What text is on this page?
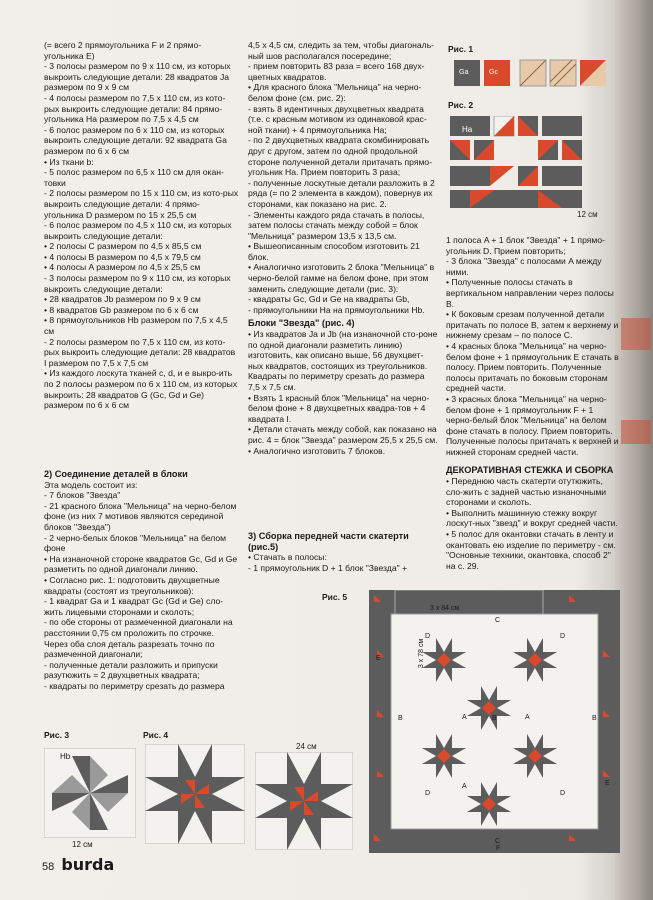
(= всего 2 прямоугольника F и 2 прямо-угольника E)

- 3 полосы размером по 9 х 110 см, из которых выкроить следующие детали: 28 квадратов Ja размером по 9 х 9 см

- 4 полосы размером по 7,5 х 110 см, из кото-рых выкроить следующие детали: 84 прямо-угольника Ha размером по 7,5 х 4,5 см

- 6 полос размером по 6 х 110 см, из которых выкроить следующие детали: 92 квадрата Ga размером по 6 х 6 см

• Из ткани b:

- 5 полос размером по 6,5 х 110 см для окан-товки

- 2 полосы размером по 15 х 110 см, из кото-рых выкроить следующие детали: 4 прямо-угольника D размером по 15 х 25,5 см

- 6 полос размером по 4,5 х 110 см, из которых выкроить следующие детали:

• 2 полосы C размером по 4,5 х 85,5 см

• 4 полосы B размером по 4,5 х 79,5 см

• 4 полосы A размером по 4,5 х 25,5 см

- 3 полосы размером по 9 х 110 см, из которых выкроить следующие детали:

• 28 квадратов Jb размером по 9 х 9 см

• 8 квадратов Gb размером по 6 х 6 см

• 8 прямоугольников Hb размером по 7,5 х 4,5 см

- 2 полосы размером по 7,5 х 110 см, из кото-рых выкроить следующие детали: 28 квадратов I размером по 7,5 х 7,5 см

• Из каждого лоскута тканей c, d, и e выкро-ить по 2 полосы размером по 6 х 110 см, из которых выкроить: 28 квадратов G (Gc, Gd и Ge) размером по 6 х 6 см

2) Соединение деталей в блоки

Эта модель состоит из:

- 7 блоков "Звезда"

- 21 красного блока "Мельница" на черно-белом фоне (из них 7 мотивов являются серединой блоков "Звезда")

- 2 черно-белых блоков "Мельница" на белом фоне

• На изнаночной стороне квадратов Gc, Gd и Ge разметить по одной диагонали линию.

• Согласно рис. 1: подготовить двухцветные квадраты (состоят из треугольников):

- 1 квадрат Ga и 1 квадрат Gc (Gd и Ge) сло-жить лицевыми сторонами и сколоть;

- по обе стороны от размеченной диагонали на расстоянии 0,75 см проложить по строчке. Через оба слоя деталь разрезать точно по размеченной диагонали;

- полученные детали разложить и припуски разутюжить = 2 двухцветных квадрата;

- квадраты по периметру срезать до размера

4,5 х 4,5 см, следить за тем, чтобы диагональ-ный шов располагался посередине;

- прием повторить 83 раза = всего 168 двух-цветных квадратов.

• Для красного блока "Мельница" на черно-белом фоне (см. рис. 2):

- взять 8 идентичных двухцветных квадрата (т.е. с красным мотивом из одинаковой крас-ной ткани) + 4 прямоугольника Ha;

- по 2 двухцветных квадрата скомбинировать друг с другом, затем по одной продольной стороне полученной детали притачать прямо-угольник Ha. Прием повторить 3 раза;

- полученные лоскутные детали разложить в 2 ряда (= по 2 элемента в каждом), повернув их сторонами, как показано на рис. 2.

- Элементы каждого ряда стачать в полосы, затем полосы стачать между собой = блок "Мельница" размером 13,5 х 13,5 см.

• Вышеописанным способом изготовить 21 блок.

• Аналогично изготовить 2 блока "Мельница" в черно-белой гамме на белом фоне, при этом заменить следующие детали (рис. 3):

- квадраты Gc, Gd и Ge на квадраты Gb,

- прямоугольники Ha на прямоугольники Hb.

Блоки "Звезда" (рис. 4)

• Из квадратов Ja и Jb (на изнаночной сто-роне по одной диагонали разметить линию) изготовить, как описано выше, 56 двухцвет-ных квадратов, состоящих из треугольников. Квадраты по периметру срезать до размера 7,5 х 7,5 см.

• Взять 1 красный блок "Мельница" на черно-белом фоне + 8 двухцветных квадра-тов + 4 квадрата I.

• Детали стачать между собой, как показано на рис. 4 = блок "Звезда" размером 25,5 х 25,5 см.

• Аналогично изготовить 7 блоков.

3) Сборка передней части скатерти (рис.5)

• Стачать в полосы:

- 1 прямоугольник D + 1 блок "Звезда" +

1 полоса A + 1 блок "Звезда" + 1 прямо-угольник D. Прием повторить;

- 3 блока "Звезда" с полосами A между ними.

• Полученные полосы стачать в вертикальном направлении через полосы B.

• К боковым срезам полученной детали притачать по полосе B, затем к верхнему и нижнему срезам – по полосе C.

• 4 красных блока "Мельница" на черно-белом фоне + 1 прямоугольник E стачать в полосу. Прием повторить. Полученные полосы притачать по боковым сторонам средней части.

• 3 красных блока "Мельница" на черно-белом фоне + 1 прямоугольник F + 1 черно-белый блок "Мельница" на белом фоне стачать в полосу. Прием повторить. Полученные полосы притачать к верхней и нижней сторонам средней части.

ДЕКОРАТИВНАЯ СТЕЖКА И СБОРКА

• Переднюю часть скатерти отутюжить, сло-жить с задней частью изнаночными сторонами и сколоть.

• Выполнить машинную стежку вокруг лоскут-ных "звезд" и вокруг средней части.

• 5 полос для окантовки стачать в ленту и окантовать ею изделие по периметру - см. "Основные техники, окантовка, способ 2" на с. 29.

Рис. 1
Ga	Gc
Рис. 2
Ha
12 см
Рис. 3
Hb
12 см
Рис. 4
24 см
Рис. 5
3 х 84 см
3 х 78 см
C
C
D
D
D
D
E
E
F
A
A
A
B	B
B
58 burda
